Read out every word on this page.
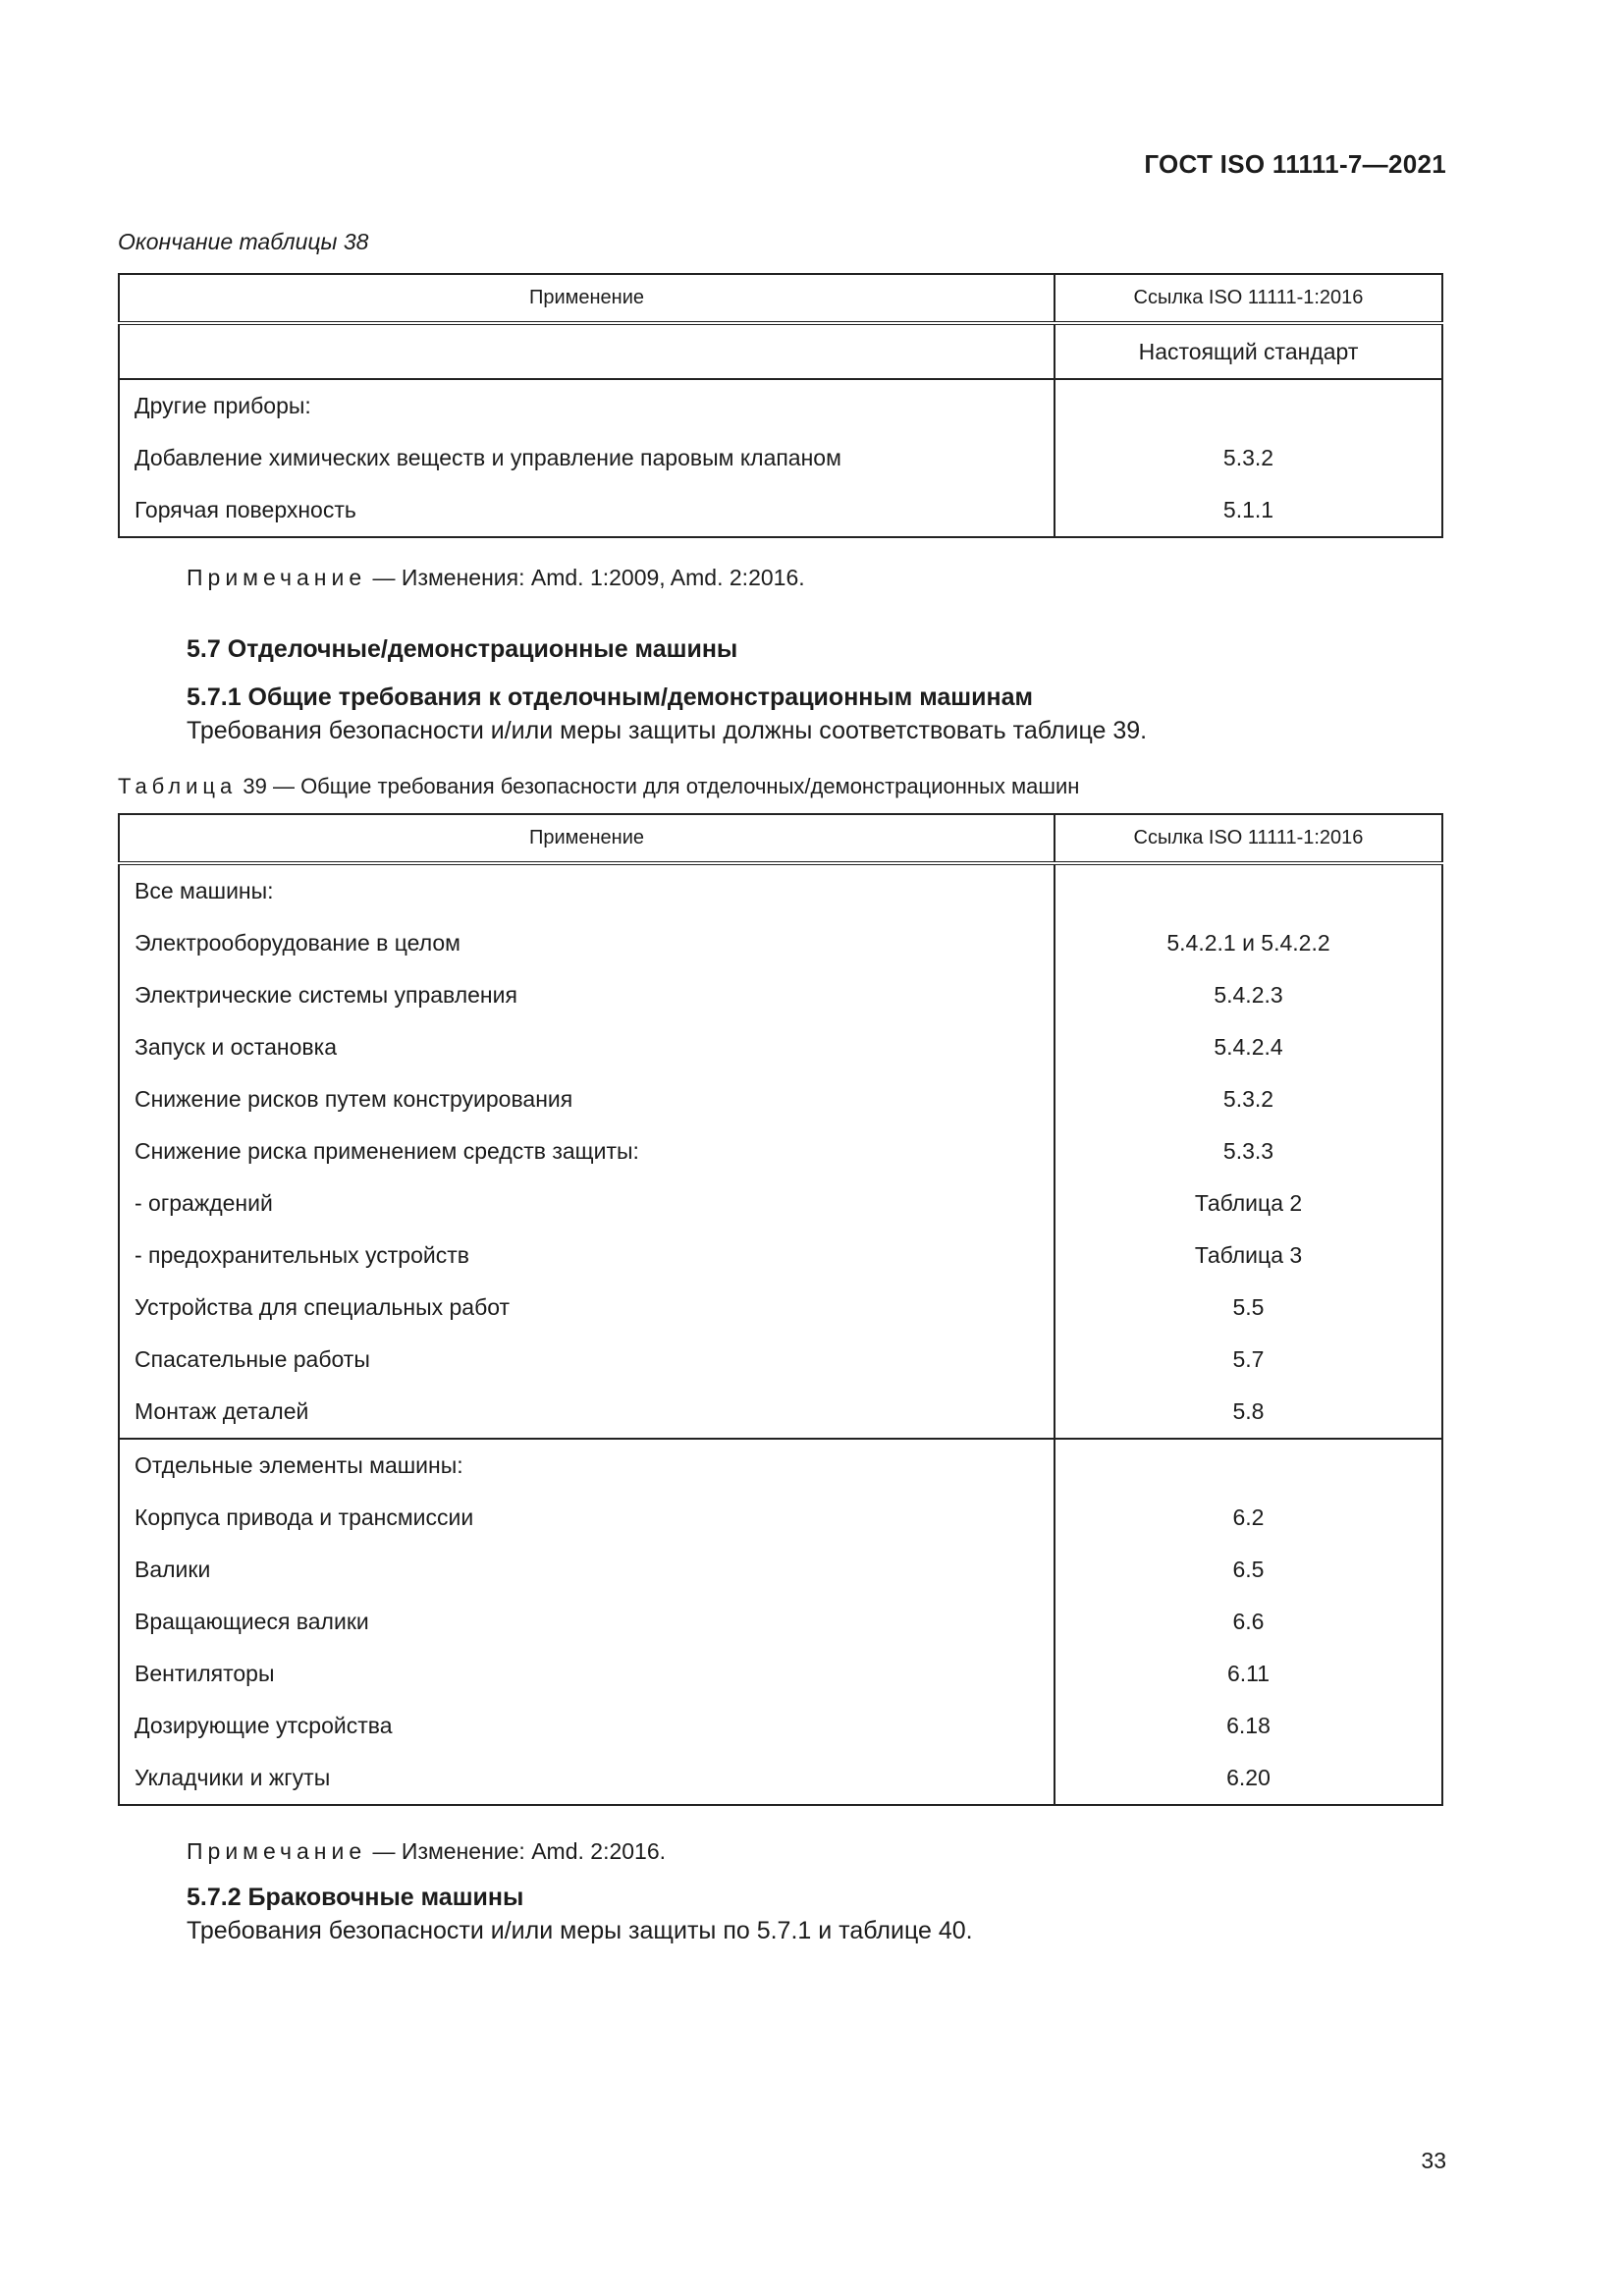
ГОСТ ISO 11111-7—2021
Окончание таблицы 38
Применение	Ссылка ISO 11111-1:2016
	Настоящий стандарт
Другие приборы:	
Добавление химических веществ и управление паровым клапаном	5.3.2
Горячая поверхность	5.1.1
Примечание — Изменения: Amd. 1:2009, Amd. 2:2016.
5.7 Отделочные/демонстрационные машины
5.7.1 Общие требования к отделочным/демонстрационным машинам
Требования безопасности и/или меры защиты должны соответствовать таблице 39.
Таблица 39 — Общие требования безопасности для отделочных/демонстрационных машин
Применение	Ссылка ISO 11111-1:2016
Все машины:	
Электрооборудование в целом	5.4.2.1 и 5.4.2.2
Электрические системы управления	5.4.2.3
Запуск и остановка	5.4.2.4
Снижение рисков путем конструирования	5.3.2
Снижение риска применением средств защиты:	5.3.3
- ограждений	Таблица 2
- предохранительных устройств	Таблица 3
Устройства для специальных работ	5.5
Спасательные работы	5.7
Монтаж деталей	5.8
Отдельные элементы машины:	
Корпуса привода и трансмиссии	6.2
Валики	6.5
Вращающиеся валики	6.6
Вентиляторы	6.11
Дозирующие утсройства	6.18
Укладчики и жгуты	6.20
Примечание — Изменение: Amd. 2:2016.
5.7.2 Браковочные машины
Требования безопасности и/или меры защиты по 5.7.1 и таблице 40.
33
